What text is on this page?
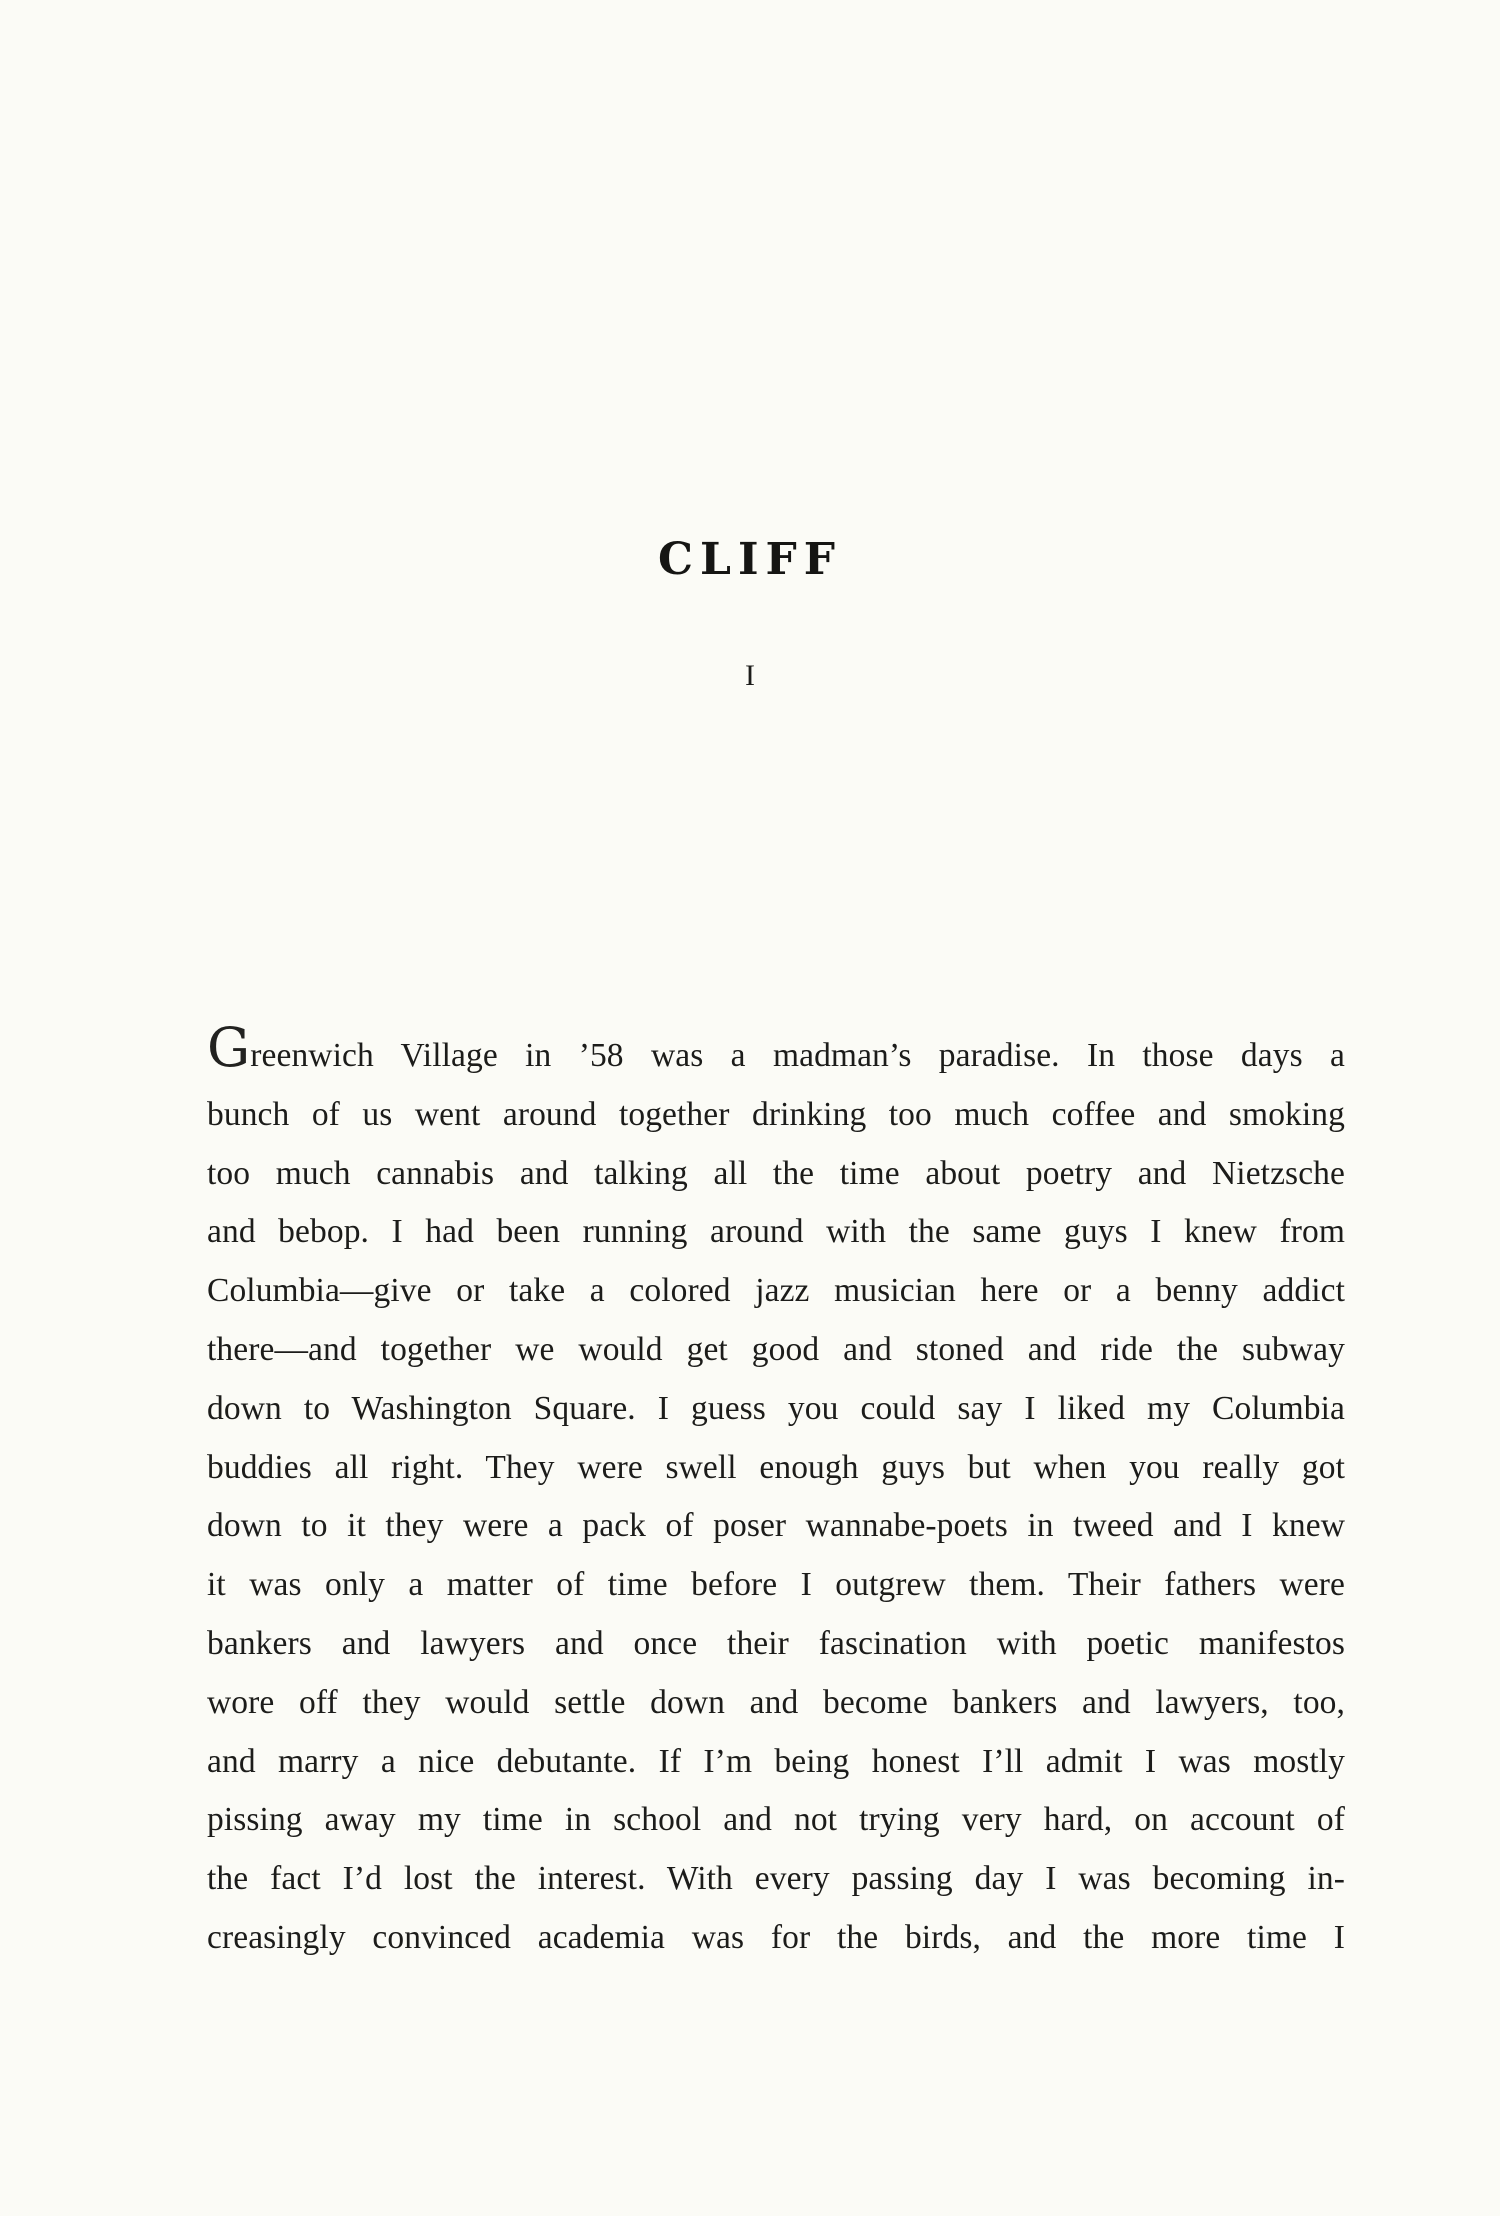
CLIFF
I
Greenwich Village in ’58 was a madman’s paradise. In those days a
bunch of us went around together drinking too much coffee and smoking
too much cannabis and talking all the time about poetry and Nietzsche
and bebop. I had been running around with the same guys I knew from
Columbia—give or take a colored jazz musician here or a benny addict
there—and together we would get good and stoned and ride the subway
down to Washington Square. I guess you could say I liked my Columbia
buddies all right. They were swell enough guys but when you really got
down to it they were a pack of poser wannabe-poets in tweed and I knew
it was only a matter of time before I outgrew them. Their fathers were
bankers and lawyers and once their fascination with poetic manifestos
wore off they would settle down and become bankers and lawyers, too,
and marry a nice debutante. If I’m being honest I’ll admit I was mostly
pissing away my time in school and not trying very hard, on account of
the fact I’d lost the interest. With every passing day I was becoming in-
creasingly convinced academia was for the birds, and the more time I
